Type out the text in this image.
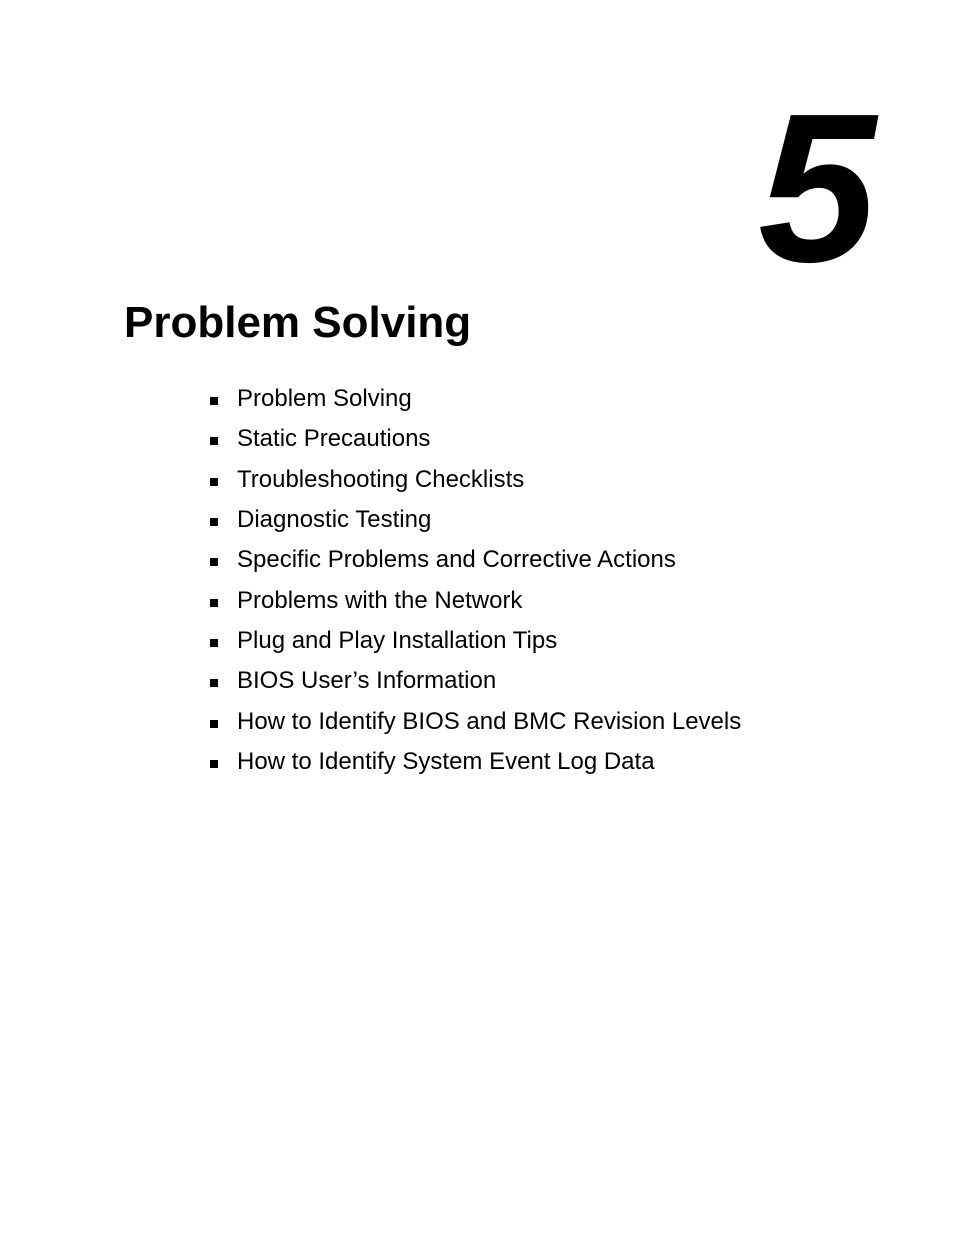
5
Problem Solving
Problem Solving
Static Precautions
Troubleshooting Checklists
Diagnostic Testing
Specific Problems and Corrective Actions
Problems with the Network
Plug and Play Installation Tips
BIOS User’s Information
How to Identify BIOS and BMC Revision Levels
How to Identify System Event Log Data
